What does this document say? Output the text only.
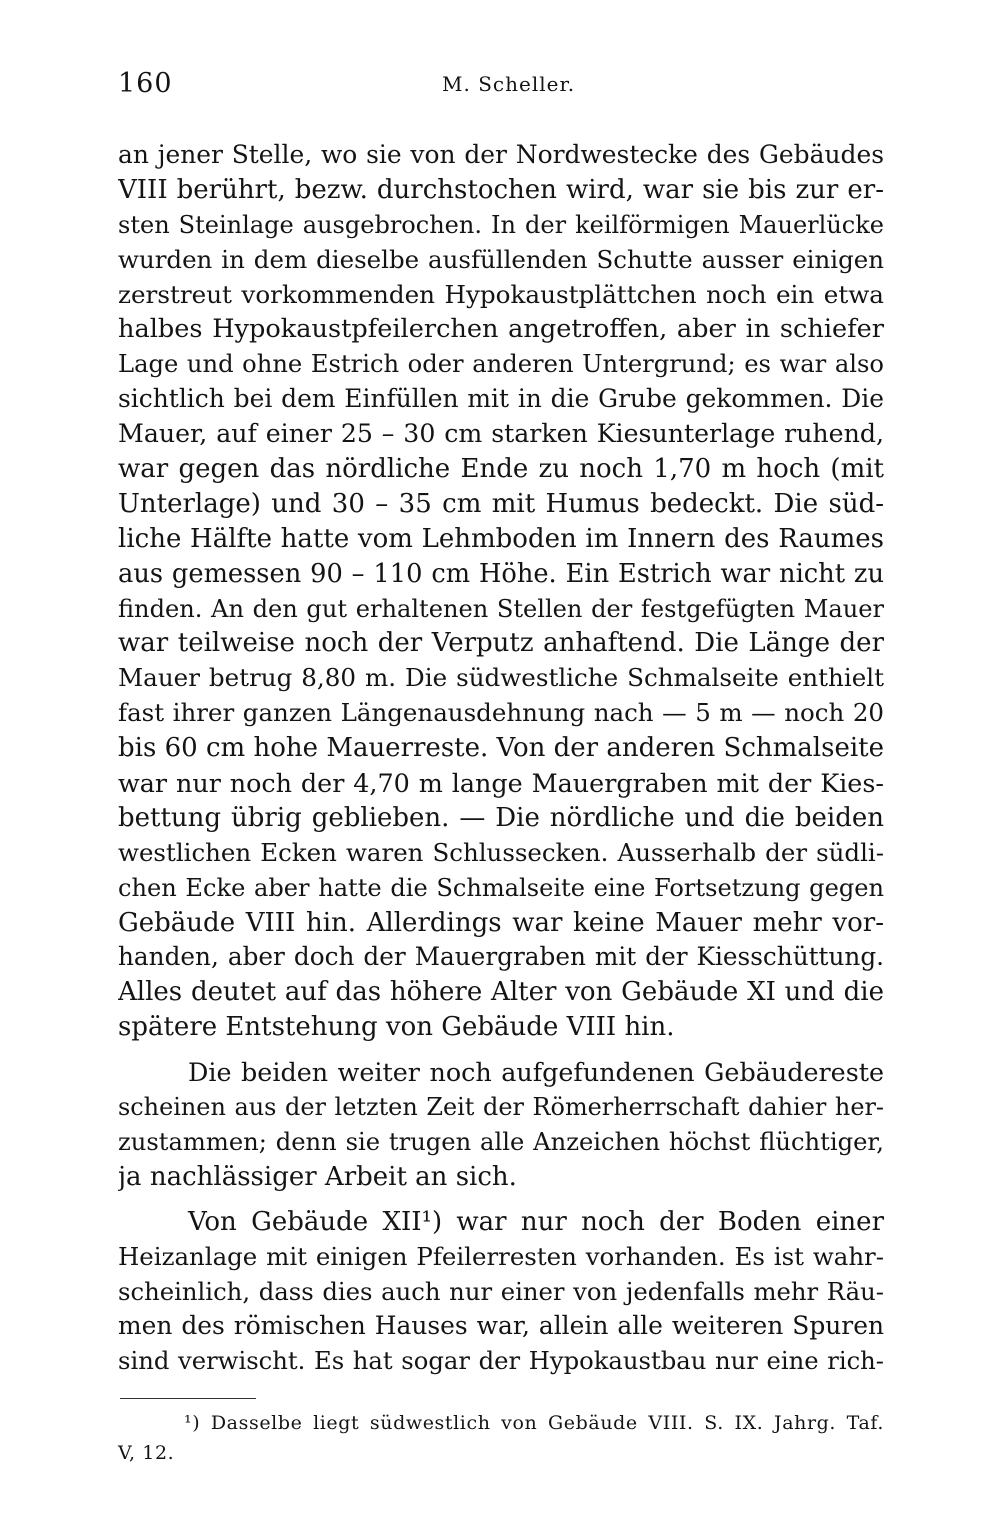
160	M. Scheller.
an jener Stelle, wo sie von der Nordwestecke des Gebäudes
VIII berührt, bezw. durchstochen wird, war sie bis zur er-
sten Steinlage ausgebrochen. In der keilförmigen Mauerlücke
wurden in dem dieselbe ausfüllenden Schutte ausser einigen
zerstreut vorkommenden Hypokaustplättchen noch ein etwa
halbes Hypokaustpfeilerchen angetroffen, aber in schiefer
Lage und ohne Estrich oder anderen Untergrund; es war also
sichtlich bei dem Einfüllen mit in die Grube gekommen. Die
Mauer, auf einer 25 – 30 cm starken Kiesunterlage ruhend,
war gegen das nördliche Ende zu noch 1,70 m hoch (mit
Unterlage) und 30 – 35 cm mit Humus bedeckt. Die süd-
liche Hälfte hatte vom Lehmboden im Innern des Raumes
aus gemessen 90 – 110 cm Höhe. Ein Estrich war nicht zu
finden. An den gut erhaltenen Stellen der festgefügten Mauer
war teilweise noch der Verputz anhaftend. Die Länge der
Mauer betrug 8,80 m. Die südwestliche Schmalseite enthielt
fast ihrer ganzen Längenausdehnung nach — 5 m — noch 20
bis 60 cm hohe Mauerreste. Von der anderen Schmalseite
war nur noch der 4,70 m lange Mauergraben mit der Kies-
bettung übrig geblieben. — Die nördliche und die beiden
westlichen Ecken waren Schlussecken. Ausserhalb der südli-
chen Ecke aber hatte die Schmalseite eine Fortsetzung gegen
Gebäude VIII hin. Allerdings war keine Mauer mehr vor-
handen, aber doch der Mauergraben mit der Kiesschüttung.
Alles deutet auf das höhere Alter von Gebäude XI und die
spätere Entstehung von Gebäude VIII hin.
Die beiden weiter noch aufgefundenen Gebäudereste
scheinen aus der letzten Zeit der Römerherrschaft dahier her-
zustammen; denn sie trugen alle Anzeichen höchst flüchtiger,
ja nachlässiger Arbeit an sich.
Von Gebäude XII¹) war nur noch der Boden einer
Heizanlage mit einigen Pfeilerresten vorhanden. Es ist wahr-
scheinlich, dass dies auch nur einer von jedenfalls mehr Räu-
men des römischen Hauses war, allein alle weiteren Spuren
sind verwischt. Es hat sogar der Hypokaustbau nur eine rich-
¹) Dasselbe liegt südwestlich von Gebäude VIII. S. IX. Jahrg. Taf.
V, 12.
